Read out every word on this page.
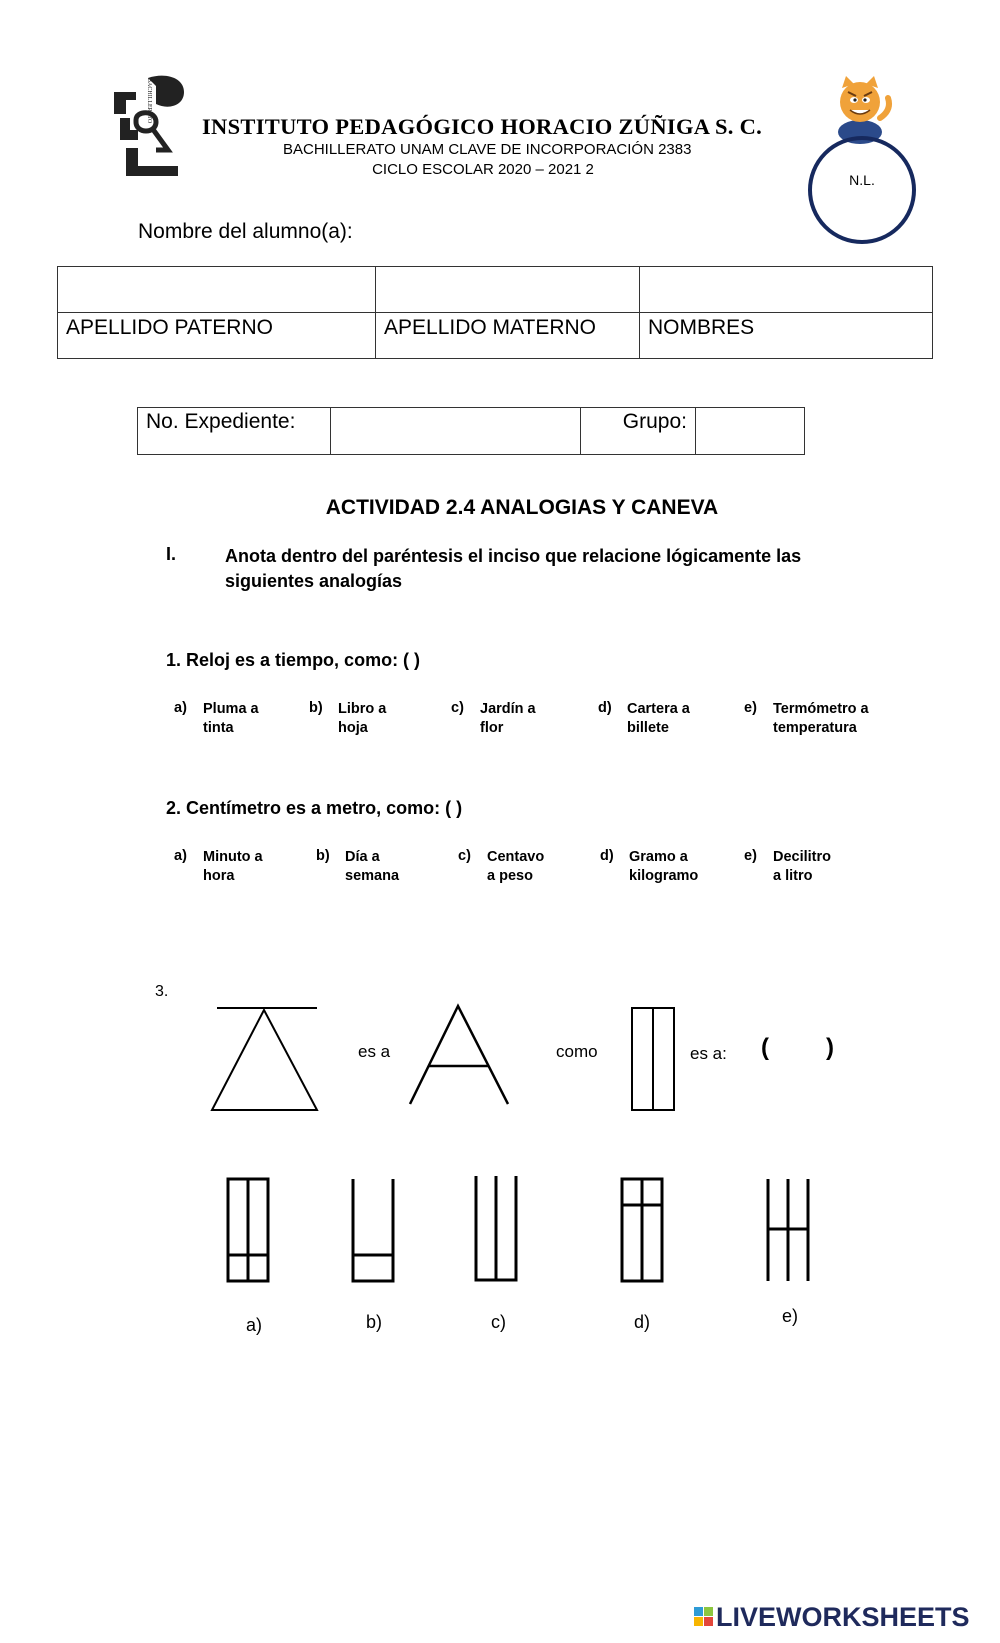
BACHILLERATO
INSTITUTO PEDAGÓGICO HORACIO ZÚÑIGA S. C.
BACHILLERATO UNAM CLAVE DE INCORPORACIÓN 2383
CICLO ESCOLAR 2020 – 2021 2
N.L.
Nombre del alumno(a):

APELLIDO PATERNO	APELLIDO MATERNO	NOMBRES
No. Expediente:		Grupo:	
ACTIVIDAD 2.4 ANALOGIAS Y CANEVA
I.	Anota dentro del paréntesis el inciso que relacione lógicamente las siguientes analogías
1. Reloj es a tiempo, como: ( )
a) Pluma a
tinta
b) Libro a
hoja
c) Jardín a
flor
d) Cartera a
billete
e) Termómetro a
temperatura
2. Centímetro es a metro, como: ( )
a) Minuto a
hora
b) Día a
semana
c) Centavo
a peso
d) Gramo a
kilogramo
e) Decilitro
a litro
3.
es a	como	es a: ( )
a)	b)	c)	d)	e)
LIVEWORKSHEETS
